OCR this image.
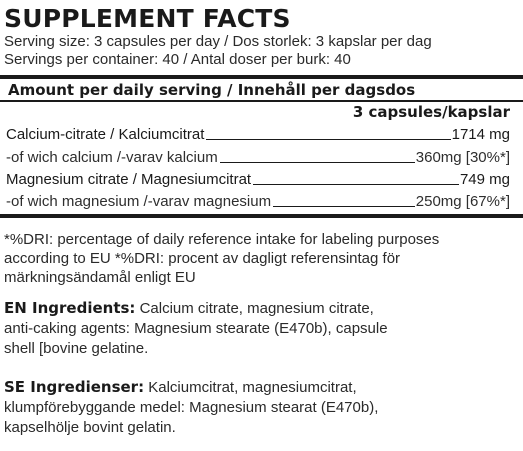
SUPPLEMENT FACTS
Serving size: 3 capsules per day / Dos storlek: 3 kapslar per dag
Servings per container: 40 / Antal doser per burk: 40
Amount per daily serving / Innehåll per dagsdos
3 capsules/kapslar
Calcium-citrate / Kalciumcitrat	1714 mg
-of wich calcium /-varav kalcium	360mg [30%*]
Magnesium citrate / Magnesiumcitrat	749 mg
-of wich magnesium /-varav magnesium	250mg [67%*]
*%DRI: percentage of daily reference intake for labeling purposes
according to EU *%DRI: procent av dagligt referensintag för
märkningsändamål enligt EU
EN Ingredients: Calcium citrate, magnesium citrate,
anti-caking agents: Magnesium stearate (E470b), capsule
shell [bovine gelatine.
SE Ingredienser: Kalciumcitrat, magnesiumcitrat,
klumpförebyggande medel: Magnesium stearat (E470b),
kapselhölje bovint gelatin.
